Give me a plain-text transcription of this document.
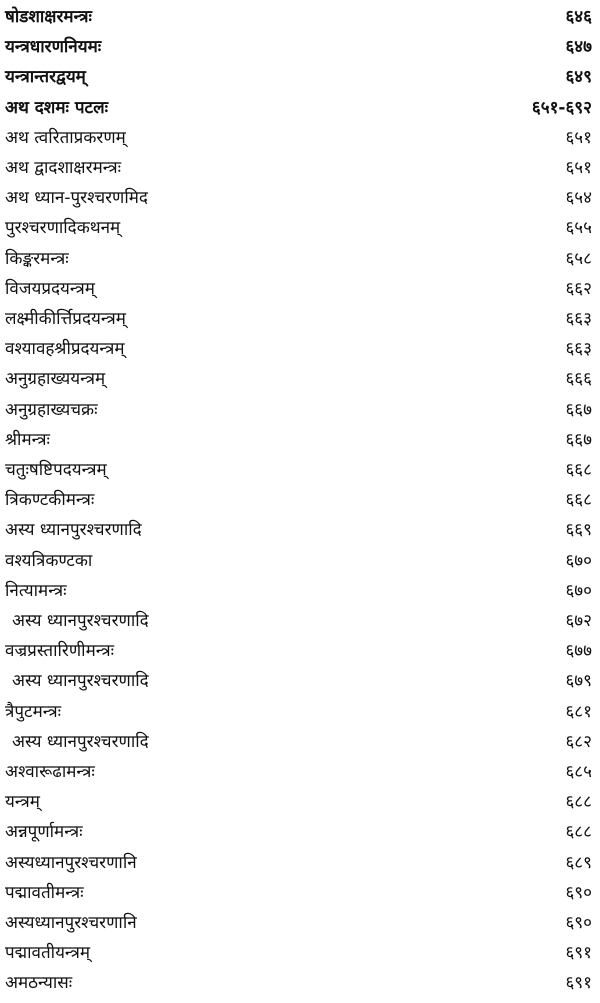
षोडशाक्षरमन्त्रः	६४६
यन्त्रधारणनियमः	६४७
यन्त्रान्तरद्वयम्	६४९
अथ दशमः पटलः	६५१-६९२
अथ त्वरिताप्रकरणम्	६५१
अथ द्वादशाक्षरमन्त्रः	६५१
अथ ध्यान-पुरश्चरणमिद	६५४
पुरश्चरणादिकथनम्	६५५
किङ्करमन्त्रः	६५८
विजयप्रदयन्त्रम्	६६२
लक्ष्मीकीर्त्तिप्रदयन्त्रम्	६६३
वश्यावहश्रीप्रदयन्त्रम्	६६३
अनुग्रहाख्ययन्त्रम्	६६६
अनुग्रहाख्यचक्रः	६६७
श्रीमन्त्रः	६६७
चतुःषष्टिपदयन्त्रम्	६६८
त्रिकण्टकीमन्त्रः	६६८
अस्य ध्यानपुरश्चरणादि	६६९
वश्यत्रिकण्टका	६७०
नित्यामन्त्रः	६७०
अस्य ध्यानपुरश्चरणादि	६७२
वज्रप्रस्तारिणीमन्त्रः	६७७
अस्य ध्यानपुरश्चरणादि	६७९
त्रैपुटमन्त्रः	६८१
अस्य ध्यानपुरश्चरणादि	६८२
अश्वारूढामन्त्रः	६८५
यन्त्रम्	६८८
अन्नपूर्णामन्त्रः	६८८
अस्यध्यानपुरश्चरणानि	६८९
पद्मावतीमन्त्रः	६९०
अस्यध्यानपुरश्चरणानि	६९०
पद्मावतीयन्त्रम्	६९१
अमठन्यासः	६९१
